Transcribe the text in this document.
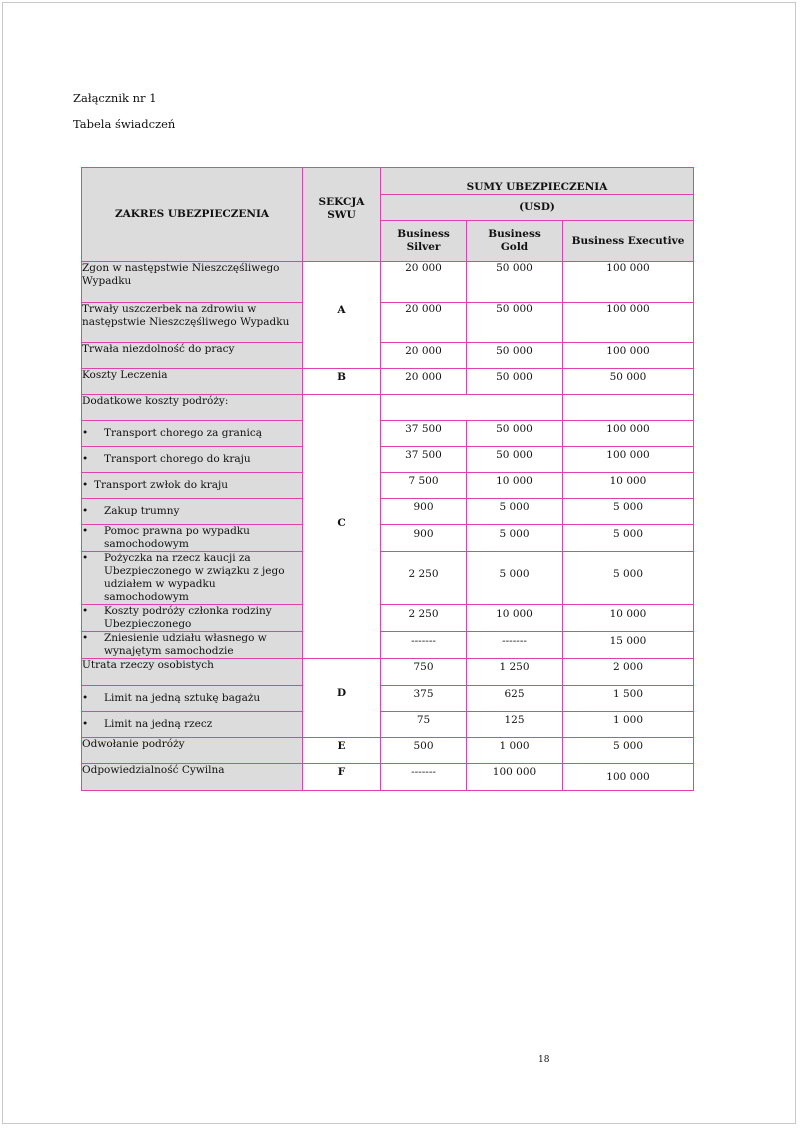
Załącznik nr 1
Tabela świadczeń
ZAKRES UBEZPIECZENIA	SEKCJA SWU	SUMY UBEZPIECZENIA		
		(USD)		
		Business Silver	Business Gold	Business Executive
Zgon w następstwie Nieszczęśliwego Wypadku	A	20 000	50 000	100 000
Trwały uszczerbek na zdrowiu w następstwie Nieszczęśliwego Wypadku		20 000	50 000	100 000
Trwała niezdolność do pracy		20 000	50 000	100 000
Koszty Leczenia	B	20 000	50 000	50 000
Dodatkowe koszty podróży:	C			

• Transport chorego za granicą		37 500	50 000	100 000

• Transport chorego do kraju		37 500	50 000	100 000

• Transport zwłok do kraju		7 500	10 000	10 000

• Zakup trumny		900	5 000	5 000

• Pomoc prawna po wypadku samochodowym		900	5 000	5 000

• Pożyczka na rzecz kaucji za Ubezpieczonego w związku z jego udziałem w wypadku samochodowym		2 250	5 000	5 000

• Koszty podróży członka rodziny Ubezpieczonego		2 250	10 000	10 000

• Zniesienie udziału własnego w wynajętym samochodzie		-------	-------	15 000
Utrata rzeczy osobistych	D	750	1 250	2 000

• Limit na jedną sztukę bagażu		375	625	1 500

• Limit na jedną rzecz		75	125	1 000
Odwołanie podróży	E	500	1 000	5 000
Odpowiedzialność Cywilna	F	-------	100 000	100 000
18
